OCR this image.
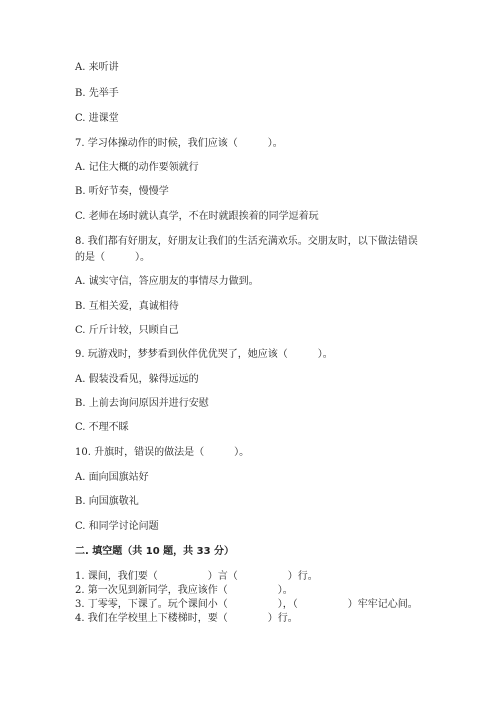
A. 来听讲
B. 先举手
C. 进课堂
7. 学习体操动作的时候，我们应该（　　　）。
A. 记住大概的动作要领就行
B. 听好节奏，慢慢学
C. 老师在场时就认真学，不在时就跟挨着的同学逗着玩
8. 我们都有好朋友，好朋友让我们的生活充满欢乐。交朋友时，以下做法错误
的是（　　　）。
A. 诚实守信，答应朋友的事情尽力做到。
B. 互相关爱，真诚相待
C. 斤斤计较，只顾自己
9. 玩游戏时，梦梦看到伙伴优优哭了，她应该（　　　）。
A. 假装没看见，躲得远远的
B. 上前去询问原因并进行安慰
C. 不理不睬
10. 升旗时，错误的做法是（　　　）。
A. 面向国旗站好
B. 向国旗敬礼
C. 和同学讨论问题
二. 填空题（共 10 题，共 33 分）
1. 课间，我们要（　　　　　）言（　　　　　）行。
2. 第一次见到新同学，我应该作（　　　　　）。
3. 丁零零，下课了。玩个课间小（　　　　　），（　　　　　）牢牢记心间。
4. 我们在学校里上下楼梯时，要（　　　　）行。
